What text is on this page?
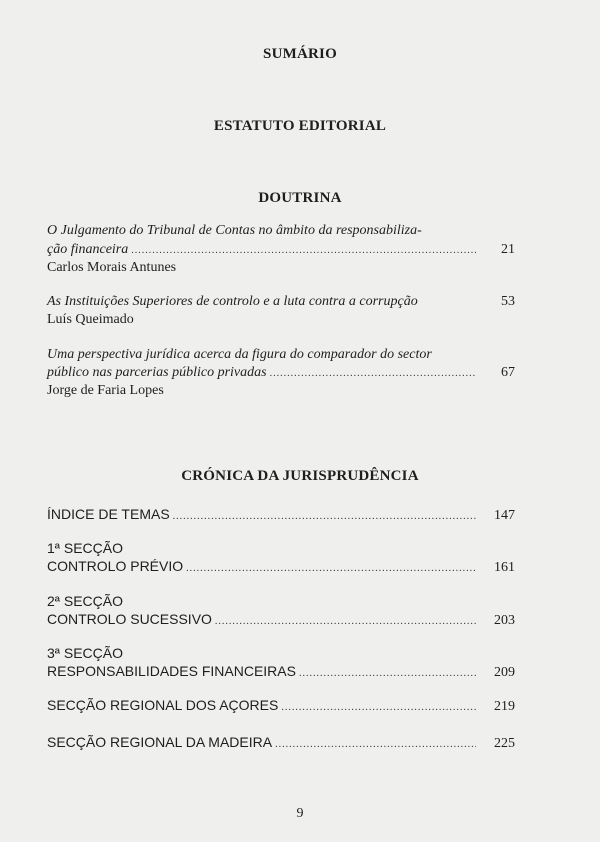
SUMÁRIO
ESTATUTO EDITORIAL
DOUTRINA
O Julgamento do Tribunal de Contas no âmbito da responsabiliza-
ção financeira .....	21
Carlos Morais Antunes
As Instituições Superiores de controlo e a luta contra a corrupção	53
Luís Queimado
Uma perspectiva jurídica acerca da figura do comparador do sector
público nas parcerias público privadas .....	67
Jorge de Faria Lopes
CRÓNICA DA JURISPRUDÊNCIA
ÍNDICE DE TEMAS .....	147
1ª SECÇÃO
CONTROLO PRÉVIO .....	161
2ª SECÇÃO
CONTROLO SUCESSIVO .....	203
3ª SECÇÃO
RESPONSABILIDADES FINANCEIRAS .....	209
SECÇÃO REGIONAL DOS AÇORES .....	219
SECÇÃO REGIONAL DA MADEIRA .....	225
9
